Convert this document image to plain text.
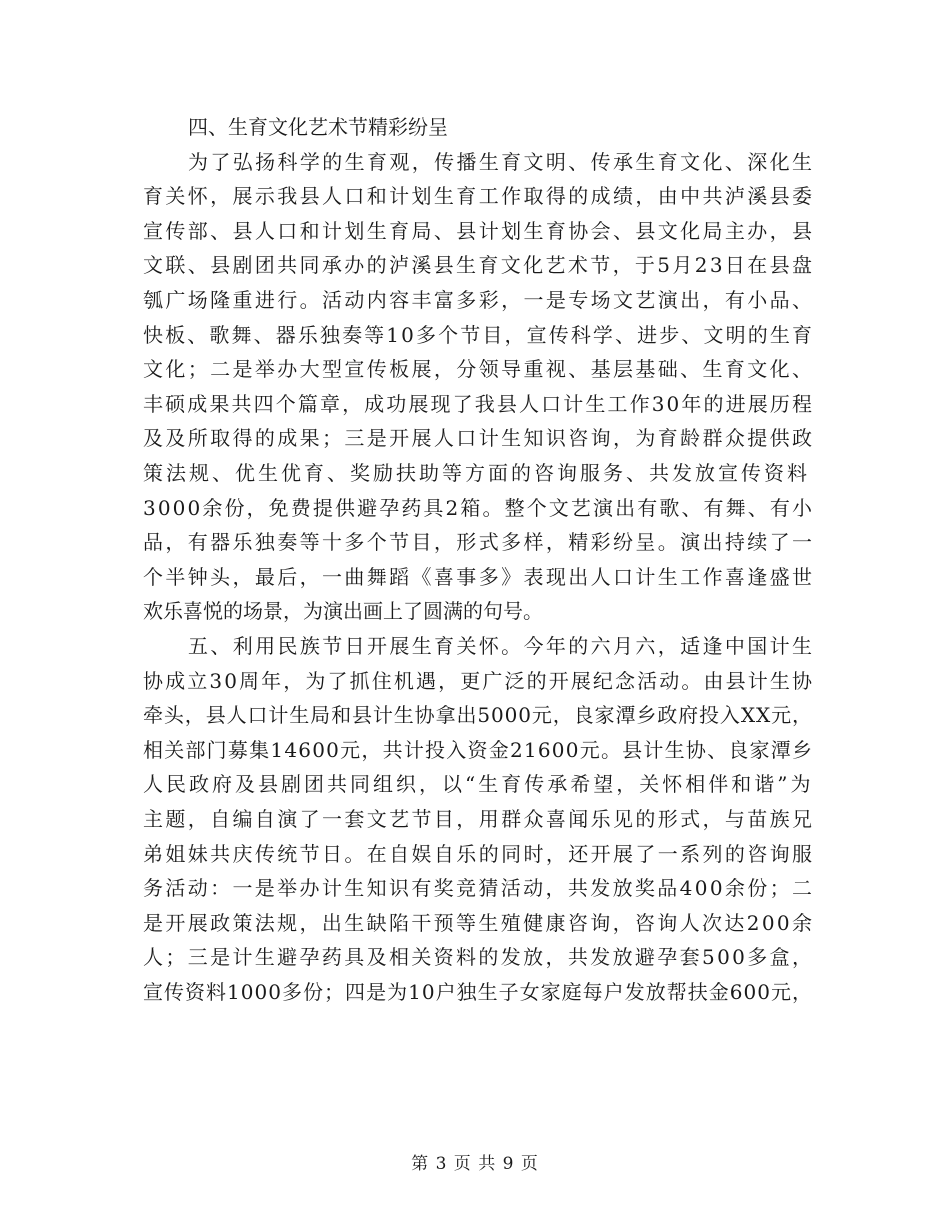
四、生育文化艺术节精彩纷呈
为了弘扬科学的生育观，传播生育文明、传承生育文化、深化生
育关怀，展示我县人口和计划生育工作取得的成绩，由中共泸溪县委
宣传部、县人口和计划生育局、县计划生育协会、县文化局主办，县
文联、县剧团共同承办的泸溪县生育文化艺术节，于5月23日在县盘
瓠广场隆重进行。活动内容丰富多彩，一是专场文艺演出，有小品、
快板、歌舞、器乐独奏等10多个节目，宣传科学、进步、文明的生育
文化；二是举办大型宣传板展，分领导重视、基层基础、生育文化、
丰硕成果共四个篇章，成功展现了我县人口计生工作30年的进展历程
及及所取得的成果；三是开展人口计生知识咨询，为育龄群众提供政
策法规、优生优育、奖励扶助等方面的咨询服务、共发放宣传资料
3000余份，免费提供避孕药具2箱。整个文艺演出有歌、有舞、有小
品，有器乐独奏等十多个节目，形式多样，精彩纷呈。演出持续了一
个半钟头，最后，一曲舞蹈《喜事多》表现出人口计生工作喜逢盛世
欢乐喜悦的场景，为演出画上了圆满的句号。
五、利用民族节日开展生育关怀。今年的六月六，适逢中国计生
协成立30周年，为了抓住机遇，更广泛的开展纪念活动。由县计生协
牵头，县人口计生局和县计生协拿出5000元，良家潭乡政府投入XX元，
相关部门募集14600元，共计投入资金21600元。县计生协、良家潭乡
人民政府及县剧团共同组织，以“生育传承希望，关怀相伴和谐”为
主题，自编自演了一套文艺节目，用群众喜闻乐见的形式，与苗族兄
弟姐妹共庆传统节日。在自娱自乐的同时，还开展了一系列的咨询服
务活动：一是举办计生知识有奖竞猜活动，共发放奖品400余份；二
是开展政策法规，出生缺陷干预等生殖健康咨询，咨询人次达200余
人；三是计生避孕药具及相关资料的发放，共发放避孕套500多盒，
宣传资料1000多份；四是为10户独生子女家庭每户发放帮扶金600元，
第 3 页 共 9 页
